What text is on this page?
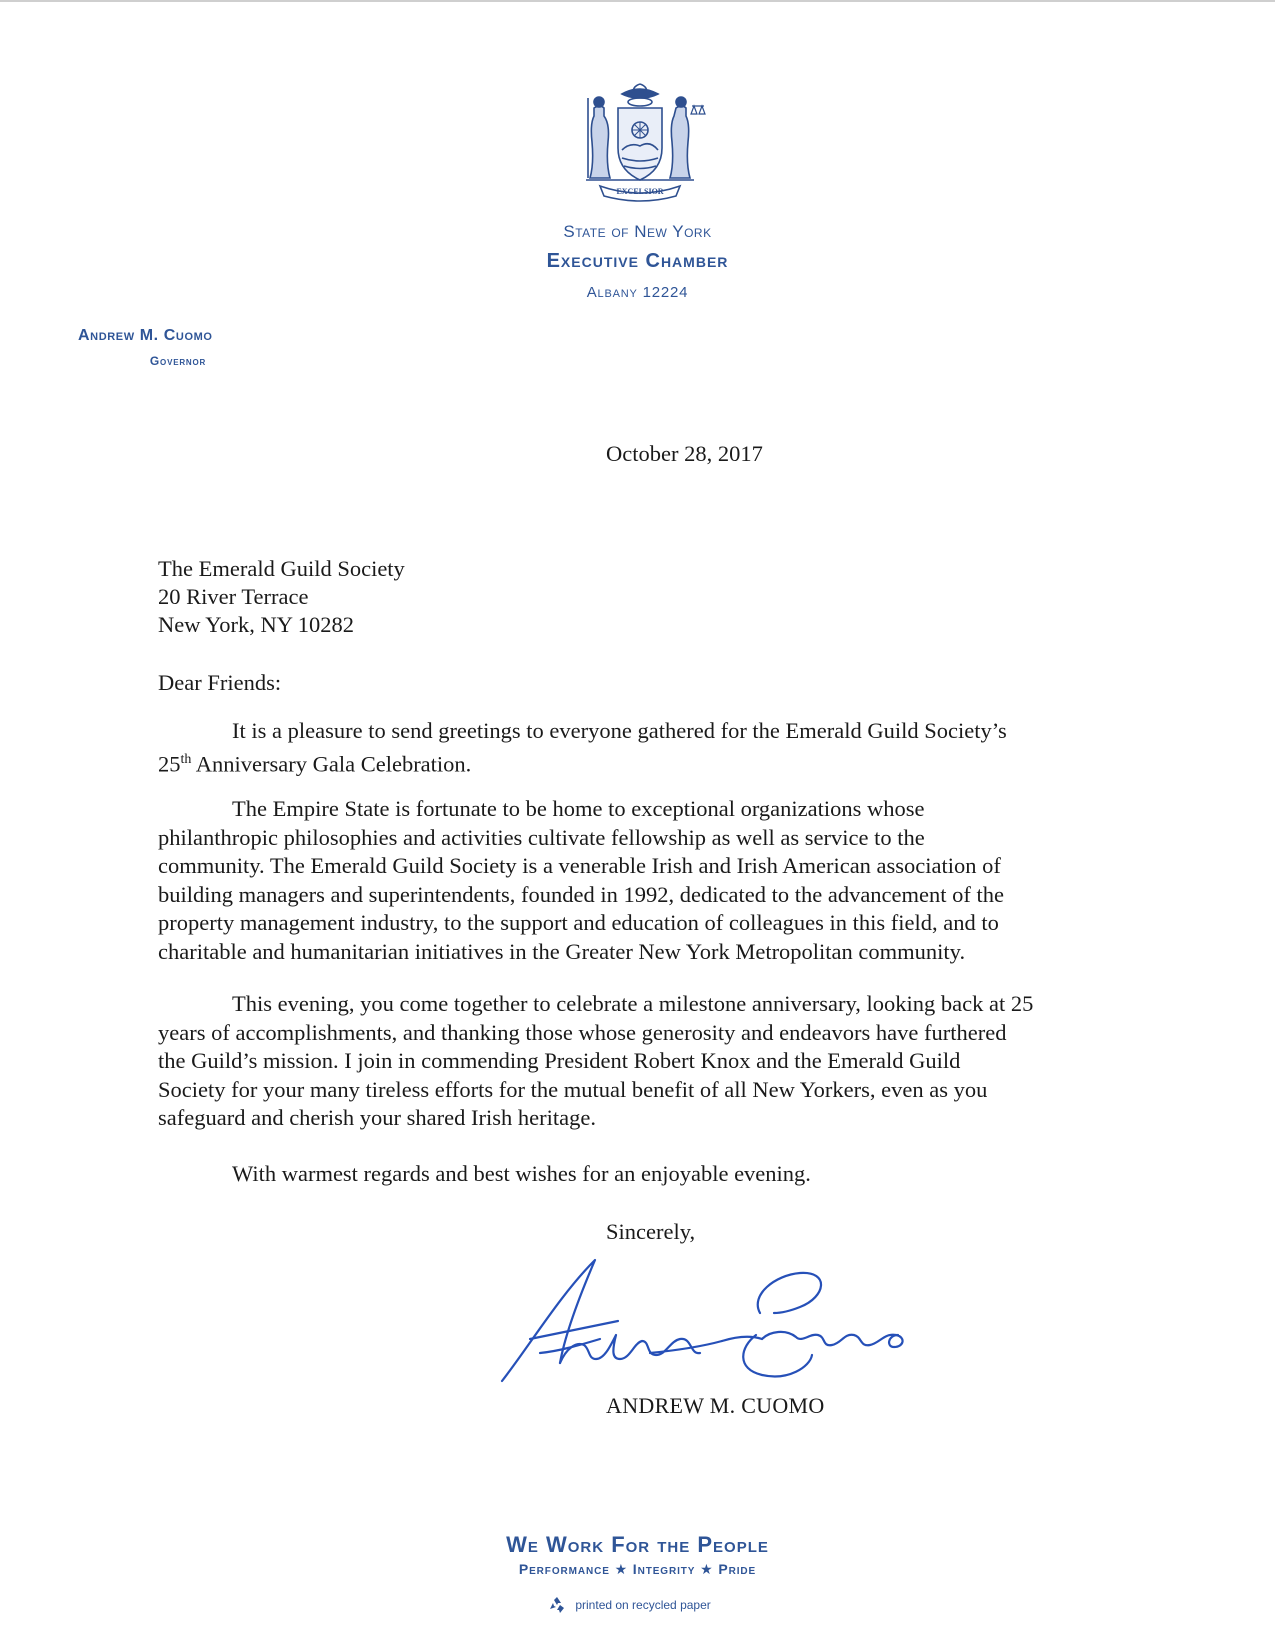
EXCELSIOR
State of New York
Executive Chamber
Albany 12224
Andrew M. Cuomo
Governor
October 28, 2017
The Emerald Guild Society
20 River Terrace
New York, NY 10282
Dear Friends:
It is a pleasure to send greetings to everyone gathered for the Emerald Guild Society’s
25th Anniversary Gala Celebration.
The Empire State is fortunate to be home to exceptional organizations whose
philanthropic philosophies and activities cultivate fellowship as well as service to the
community. The Emerald Guild Society is a venerable Irish and Irish American association of
building managers and superintendents, founded in 1992, dedicated to the advancement of the
property management industry, to the support and education of colleagues in this field, and to
charitable and humanitarian initiatives in the Greater New York Metropolitan community.
This evening, you come together to celebrate a milestone anniversary, looking back at 25
years of accomplishments, and thanking those whose generosity and endeavors have furthered
the Guild’s mission. I join in commending President Robert Knox and the Emerald Guild
Society for your many tireless efforts for the mutual benefit of all New Yorkers, even as you
safeguard and cherish your shared Irish heritage.
With warmest regards and best wishes for an enjoyable evening.
Sincerely,
ANDREW M. CUOMO
We Work For the People
Performance ★ Integrity ★ Pride
printed on recycled paper
